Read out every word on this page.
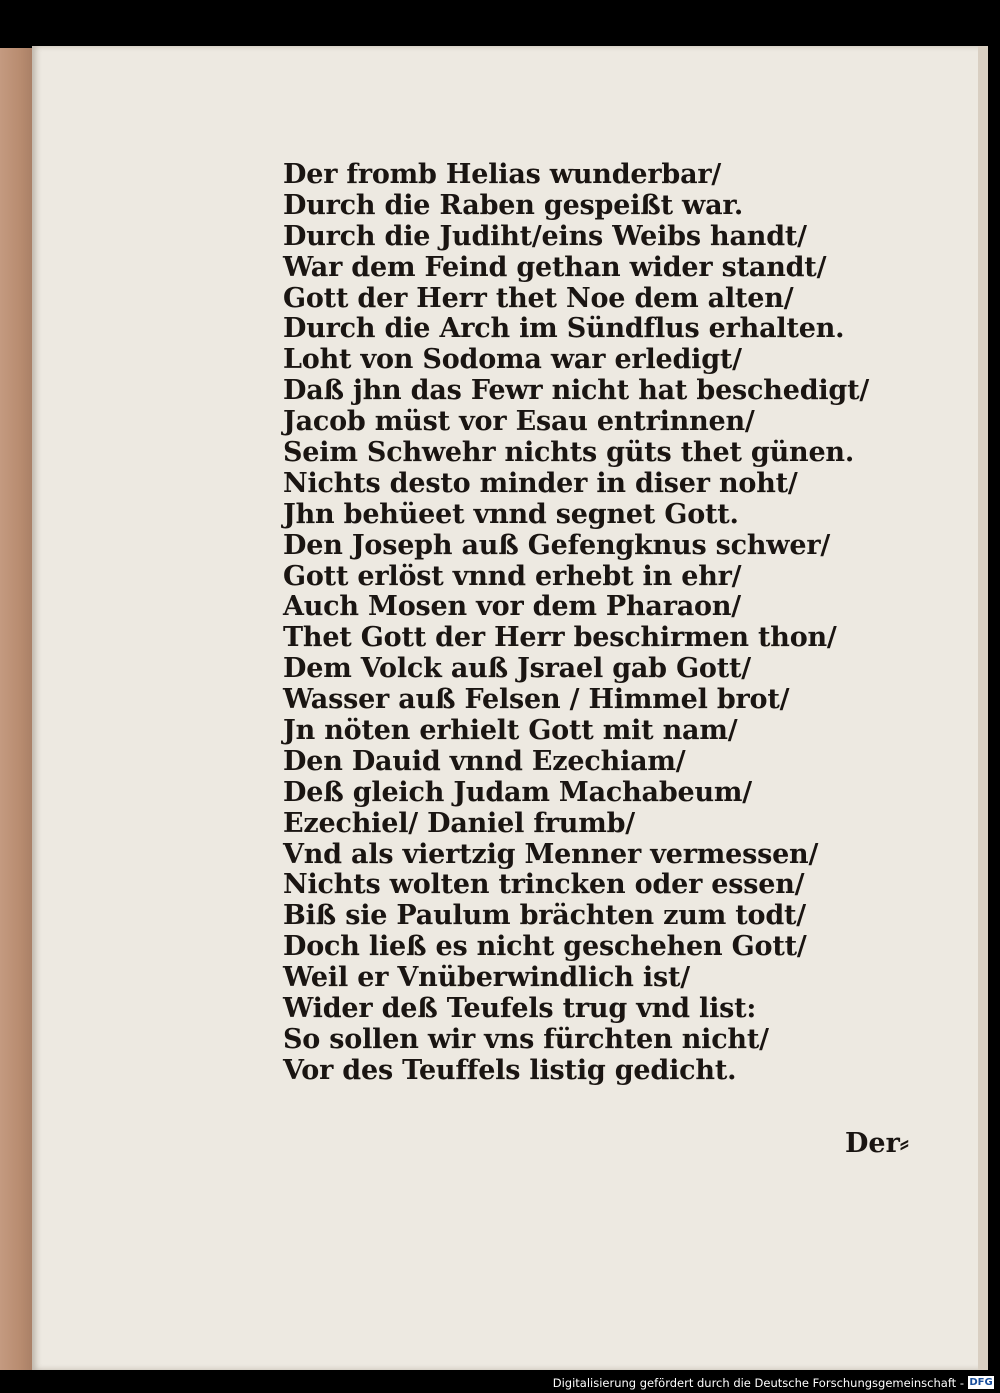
Der fromb Helias wunderbar/
Durch die Raben gespeißt war.
Durch die Judiht/eins Weibs handt/
War dem Feind gethan wider standt/
Gott der Herr thet Noe dem alten/
Durch die Arch im Sündflus erhalten.
Loht von Sodoma war erledigt/
Daß jhn das Fewr nicht hat beschedigt/
Jacob müst vor Esau entrinnen/
Seim Schwehr nichts güts thet günen.
Nichts desto minder in diser noht/
Jhn behüeet vnnd segnet Gott.
Den Joseph auß Gefengknus schwer/
Gott erlöst vnnd erhebt in ehr/
Auch Mosen vor dem Pharaon/
Thet Gott der Herr beschirmen thon/
Dem Volck auß Jsrael gab Gott/
Wasser auß Felsen / Himmel brot/
Jn nöten erhielt Gott mit nam/
Den Dauid vnnd Ezechiam/
Deß gleich Judam Machabeum/
Ezechiel/ Daniel frumb/
Vnd als viertzig Menner vermessen/
Nichts wolten trincken oder essen/
Biß sie Paulum brächten zum todt/
Doch ließ es nicht geschehen Gott/
Weil er Vnüberwindlich ist/
Wider deß Teufels trug vnd list:
So sollen wir vns fürchten nicht/
Vor des Teuffels listig gedicht.
Der⸗
Digitalisierung gefördert durch die Deutsche Forschungsgemeinschaft - DFG
